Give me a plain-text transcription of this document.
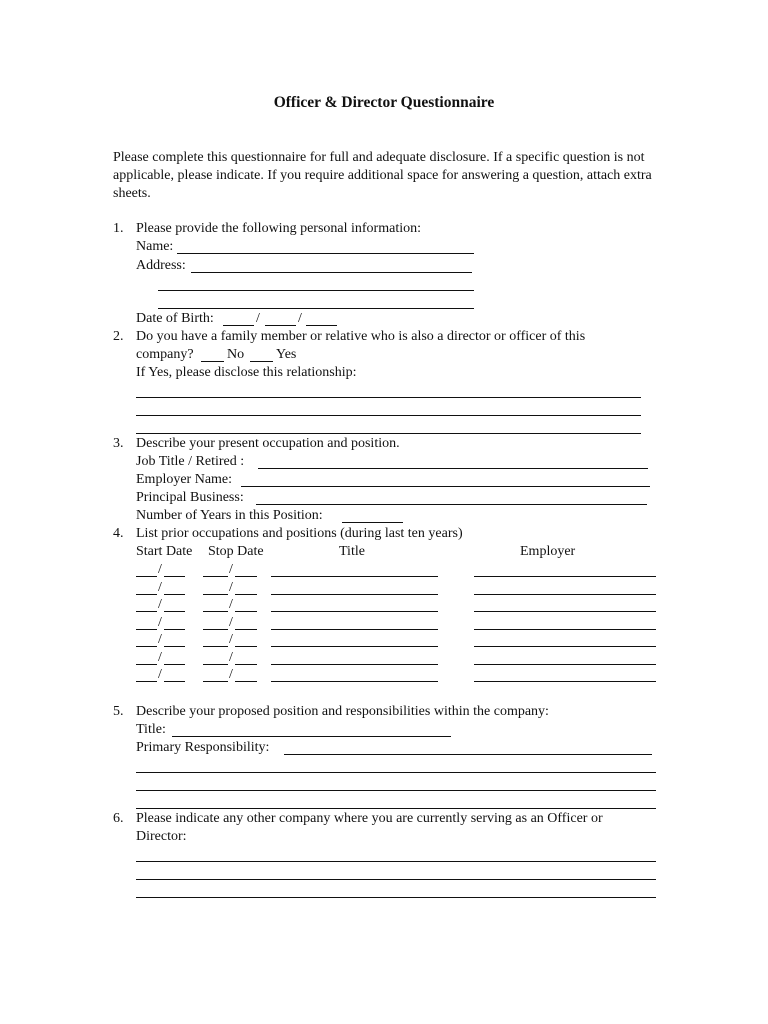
Officer & Director Questionnaire
Please complete this questionnaire for full and adequate disclosure. If a specific question is not applicable, please indicate. If you require additional space for answering a question, attach extra sheets.
1. Please provide the following personal information:
Name:
Address:
Date of Birth:	/	/
2. Do you have a family member or relative who is also a director or officer of this
company? No Yes
If Yes, please disclose this relationship:
3. Describe your present occupation and position.
Job Title / Retired :
Employer Name:
Principal Business:
Number of Years in this Position:
4. List prior occupations and positions (during last ten years)
Start Date Stop Date	Title	Employer
/	/
/	/
/	/
/	/
/	/
/	/
/	/
5. Describe your proposed position and responsibilities within the company:
Title:
Primary Responsibility:
6. Please indicate any other company where you are currently serving as an Officer or
Director:
